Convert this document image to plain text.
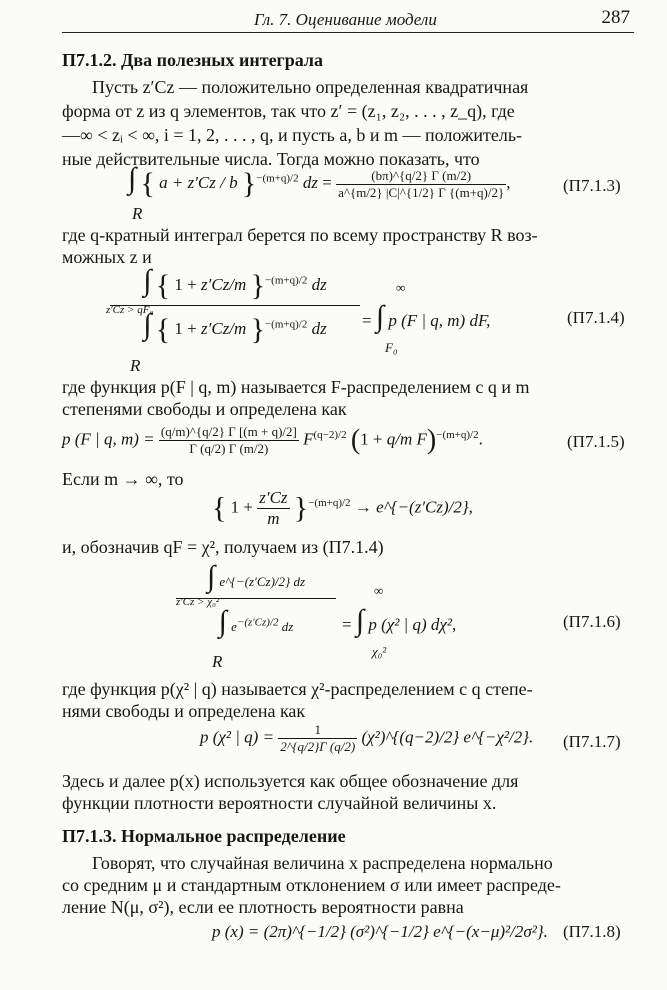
Гл. 7. Оценивание модели	287
П7.1.2. Два полезных интеграла
Пусть z′Cz — положительно определенная квадратичная
форма от z из q элементов, так что z′ = (z₁, z₂, . . . , z_q), где
—∞ < zᵢ < ∞, i = 1, 2, . . . , q, и пусть a, b и m — положитель-
ные действительные числа. Тогда можно показать, что
∫ { a + z′Cz / b }$^{-(m+q)/2}$ dz = $\frac{(b\pi)\^{}\{q/2\} \Gamma (m/2)}{a\^{}\{m/2\} |C|\^{}\{1/2\} \Gamma \{(m+q)/2\}}$ ,
R
(П7.1.3)
где q-кратный интеграл берется по всему пространству R воз-
можных z и
∫ { 1 + z′Cz/m }$^{-(m+q)/2}$ dz
∫ { 1 + z′Cz/m }$^{-(m+q)/2}$ dz
z′Cz > qF₀
R
= ∫ p (F | q, m) dF,
∞
F₀
(П7.1.4)
где функция p(F | q, m) называется F-распределением с q и m
степенями свободы и определена как
p (F | q, $m) = \frac{(q/m)\^{}\{q/2\} \Gamma [(m + q)/2]}{\Gamma (q/2) \Gamma (m/2)} F^{(q-2)/2}$ (1 + q/m F)$^{-(m+q)/2}$.	(П7.1.5)
Если m → ∞, то
{ $1 + \frac{z'Cz}{m} \}^{-(m+q)/2}$ → e^{−(z′Cz)/2},
и, обозначив qF = χ², получаем из (П7.1.4)
∫ e^{−(z′Cz)/2} dz
∫ $e^{-(z'Cz)/2}$ dz
z′Cz > χ₀²
R
= ∫ p (χ² | q) dχ²,
∞
χ₀²
(П7.1.6)
где функция p(χ² | q) называется χ²-распределением с q степе-
нями свободы и определена как
p (χ² | $q) = \frac{1}{2\^{}\{q/2\}\Gamma (q/2)}$ (χ²)^{(q−2)/2} e^{−χ²/2}. (П7.1.7)
Здесь и далее p(x) используется как общее обозначение для
функции плотности вероятности случайной величины x.
П7.1.3. Нормальное распределение
Говорят, что случайная величина x распределена нормально
со средним μ и стандартным отклонением σ или имеет распреде-
ление N(μ, σ²), если ее плотность вероятности равна
p (x) = (2π)^{−1/2} (σ²)^{−1/2} e^{−(x−μ)²/2σ²}. (П7.1.8)
